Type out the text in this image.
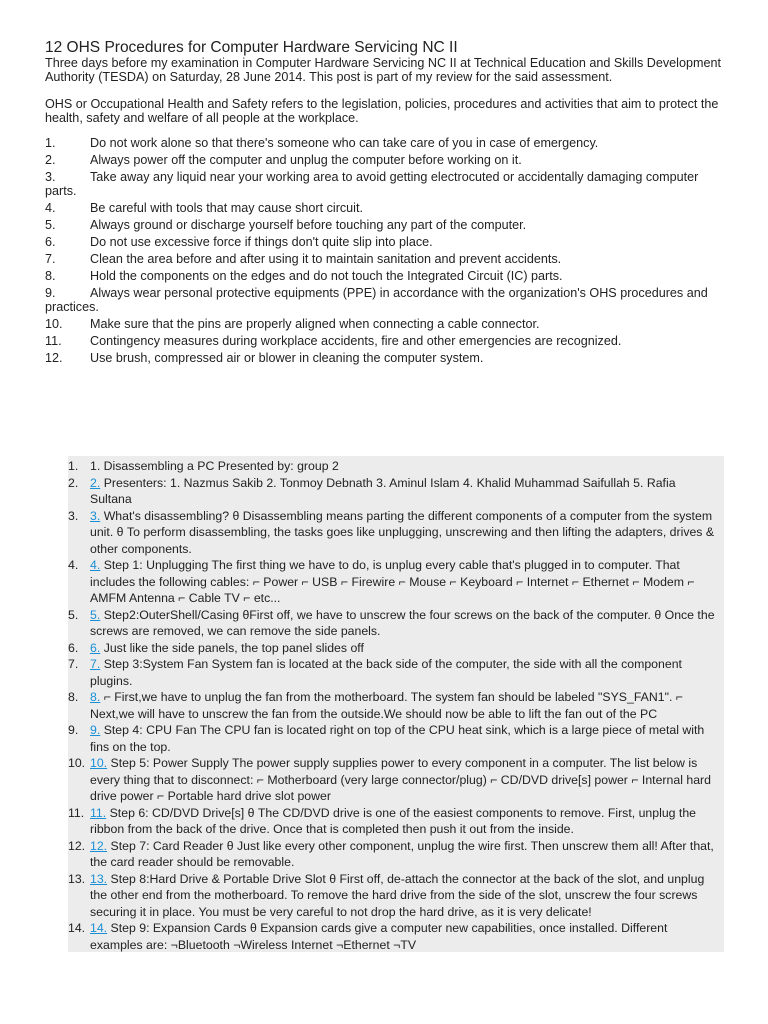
12 OHS Procedures for Computer Hardware Servicing NC II

Three days before my examination in Computer Hardware Servicing NC II at Technical Education and Skills Development Authority (TESDA) on Saturday, 28 June 2014. This post is part of my review for the said assessment.

OHS or Occupational Health and Safety refers to the legislation, policies, procedures and activities that aim to protect the health, safety and welfare of all people at the workplace.

1.	Do not work alone so that there's someone who can take care of you in case of emergency.
2.	Always power off the computer and unplug the computer before working on it.
3.	Take away any liquid near your working area to avoid getting electrocuted or accidentally damaging computer parts.
4.	Be careful with tools that may cause short circuit.
5.	Always ground or discharge yourself before touching any part of the computer.
6.	Do not use excessive force if things don't quite slip into place.
7.	Clean the area before and after using it to maintain sanitation and prevent accidents.
8.	Hold the components on the edges and do not touch the Integrated Circuit (IC) parts.
9.	Always wear personal protective equipments (PPE) in accordance with the organization's OHS procedures and practices.
10. Make sure that the pins are properly aligned when connecting a cable connector.
11. Contingency measures during workplace accidents, fire and other emergencies are recognized.
12. Use brush, compressed air or blower in cleaning the computer system.
1. 1. Disassembling a PC Presented by: group 2
2. 2. Presenters: 1. Nazmus Sakib 2. Tonmoy Debnath 3. Aminul Islam 4. Khalid Muhammad Saifullah 5. Rafia Sultana
3. 3. What's disassembling? θ Disassembling means parting the different components of a computer from the system unit. θ To perform disassembling, the tasks goes like unplugging, unscrewing and then lifting the adapters, drives & other components.
4. 4. Step 1: Unplugging The first thing we have to do, is unplug every cable that's plugged in to computer. That includes the following cables: ⌐ Power ⌐ USB ⌐ Firewire ⌐ Mouse ⌐ Keyboard ⌐ Internet ⌐ Ethernet ⌐ Modem ⌐ AMFM Antenna ⌐ Cable TV ⌐ etc...
5. 5. Step2:OuterShell/Casing θFirst off, we have to unscrew the four screws on the back of the computer. θ Once the screws are removed, we can remove the side panels.
6. 6. Just like the side panels, the top panel slides off
7. 7. Step 3:System Fan System fan is located at the back side of the computer, the side with all the component plugins.
8. 8. ⌐ First,we have to unplug the fan from the motherboard. The system fan should be labeled "SYS_FAN1". ⌐ Next,we will have to unscrew the fan from the outside.We should now be able to lift the fan out of the PC
9. 9. Step 4: CPU Fan The CPU fan is located right on top of the CPU heat sink, which is a large piece of metal with fins on the top.
10. 10. Step 5: Power Supply The power supply supplies power to every component in a computer. The list below is every thing that to disconnect: ⌐ Motherboard (very large connector/plug) ⌐ CD/DVD drive[s] power ⌐ Internal hard drive power ⌐ Portable hard drive slot power
11. 11. Step 6: CD/DVD Drive[s] θ The CD/DVD drive is one of the easiest components to remove. First, unplug the ribbon from the back of the drive. Once that is completed then push it out from the inside.
12. 12. Step 7: Card Reader θ Just like every other component, unplug the wire first. Then unscrew them all! After that, the card reader should be removable.
13. 13. Step 8:Hard Drive & Portable Drive Slot θ First off, de-attach the connector at the back of the slot, and unplug the other end from the motherboard. To remove the hard drive from the side of the slot, unscrew the four screws securing it in place. You must be very careful to not drop the hard drive, as it is very delicate!
14. 14. Step 9: Expansion Cards θ Expansion cards give a computer new capabilities, once installed. Different examples are: ¬Bluetooth ¬Wireless Internet ¬Ethernet ¬TV
